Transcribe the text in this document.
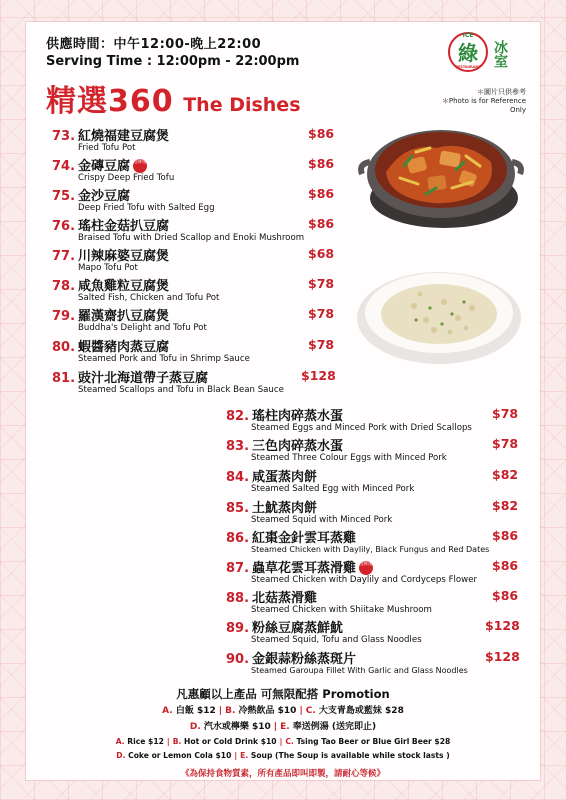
供應時間：中午12:00-晚上22:00
Serving Time : 12:00pm - 22:00pm
精選360 The Dishes
ICE
綠
RESTAURANT 冰室
＊圖片只供參考
＊Photo is for Reference Only
73. 紅燒福建豆腐煲
Fried Tofu Pot
$86
74. 金磚豆腐 招牌推介
Crispy Deep Fried Tofu
$86
75. 金沙豆腐
Deep Fried Tofu with Salted Egg
$86
76. 瑤柱金菇扒豆腐
Braised Tofu with Dried Scallop and Enoki Mushroom
$86
77. 川辣麻婆豆腐煲
Mapo Tofu Pot
$68
78. 咸魚雞粒豆腐煲
Salted Fish, Chicken and Tofu Pot
$78
79. 羅漢齋扒豆腐煲
Buddha's Delight and Tofu Pot
$78
80. 蝦醬豬肉蒸豆腐
Steamed Pork and Tofu in Shrimp Sauce
$78
81. 豉汁北海道帶子蒸豆腐
Steamed Scallops and Tofu in Black Bean Sauce
$128
82. 瑤柱肉碎蒸水蛋
Steamed Eggs and Minced Pork with Dried Scallops
$78
83. 三色肉碎蒸水蛋
Steamed Three Colour Eggs with Minced Pork
$78
84. 咸蛋蒸肉餅
Steamed Salted Egg with Minced Pork
$82
85. 土魷蒸肉餅
Steamed Squid with Minced Pork
$82
86. 紅棗金針雲耳蒸雞
Steamed Chicken with Daylily, Black Fungus and Red Dates
$86
87. 蟲草花雲耳蒸滑雞 招牌推介
Steamed Chicken with Daylily and Cordyceps Flower
$86
88. 北菇蒸滑雞
Steamed Chicken with Shiitake Mushroom
$86
89. 粉絲豆腐蒸鮮魷
Steamed Squid, Tofu and Glass Noodles
$128
90. 金銀蒜粉絲蒸斑片
Steamed Garoupa Fillet With Garlic and Glass Noodles
$128
凡惠顧以上產品 可無限配搭 Promotion
A. 白飯 $12 | B. 冷熱飲品 $10 | C. 大支青島或藍妹 $28
D. 汽水或檸樂 $10 | E. 奉送例湯 (送完即止)
A. Rice $12 | B. Hot or Cold Drink $10 | C. Tsing Tao Beer or Blue Girl Beer $28
D. Coke or Lemon Cola $10 | E. Soup (The Soup is available while stock lasts )
《為保持食物質素，所有產品即叫即製，請耐心等候》
